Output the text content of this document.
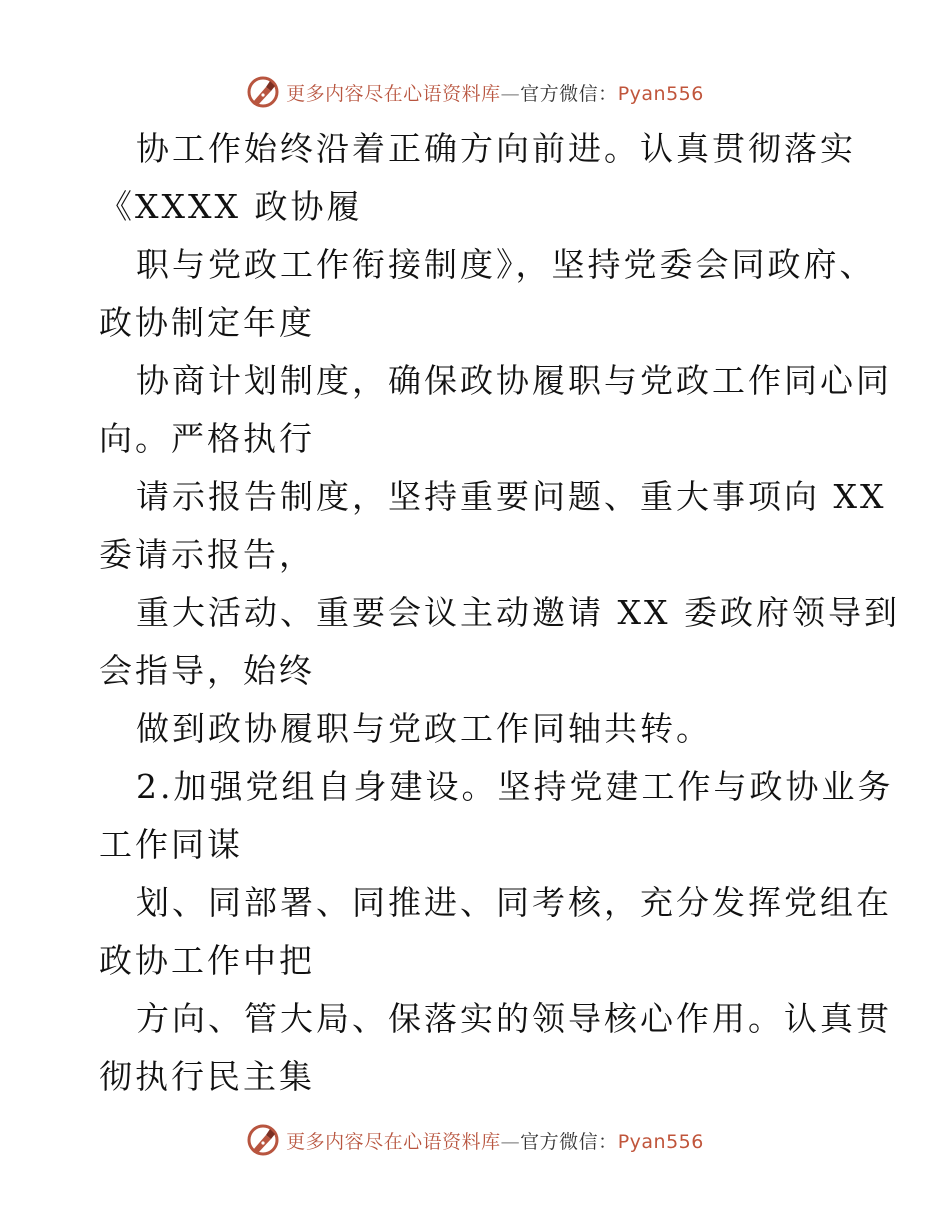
更多内容尽在心语资料库—官方微信：Pyan556
协工作始终沿着正确方向前进。认真贯彻落实
《XXXX 政协履
职与党政工作衔接制度》，坚持党委会同政府、
政协制定年度
协商计划制度，确保政协履职与党政工作同心同
向。严格执行
请示报告制度，坚持重要问题、重大事项向 XX
委请示报告，
重大活动、重要会议主动邀请 XX 委政府领导到
会指导，始终
做到政协履职与党政工作同轴共转。
2.加强党组自身建设。坚持党建工作与政协业务
工作同谋
划、同部署、同推进、同考核，充分发挥党组在
政协工作中把
方向、管大局、保落实的领导核心作用。认真贯
彻执行民主集
更多内容尽在心语资料库—官方微信：Pyan556
